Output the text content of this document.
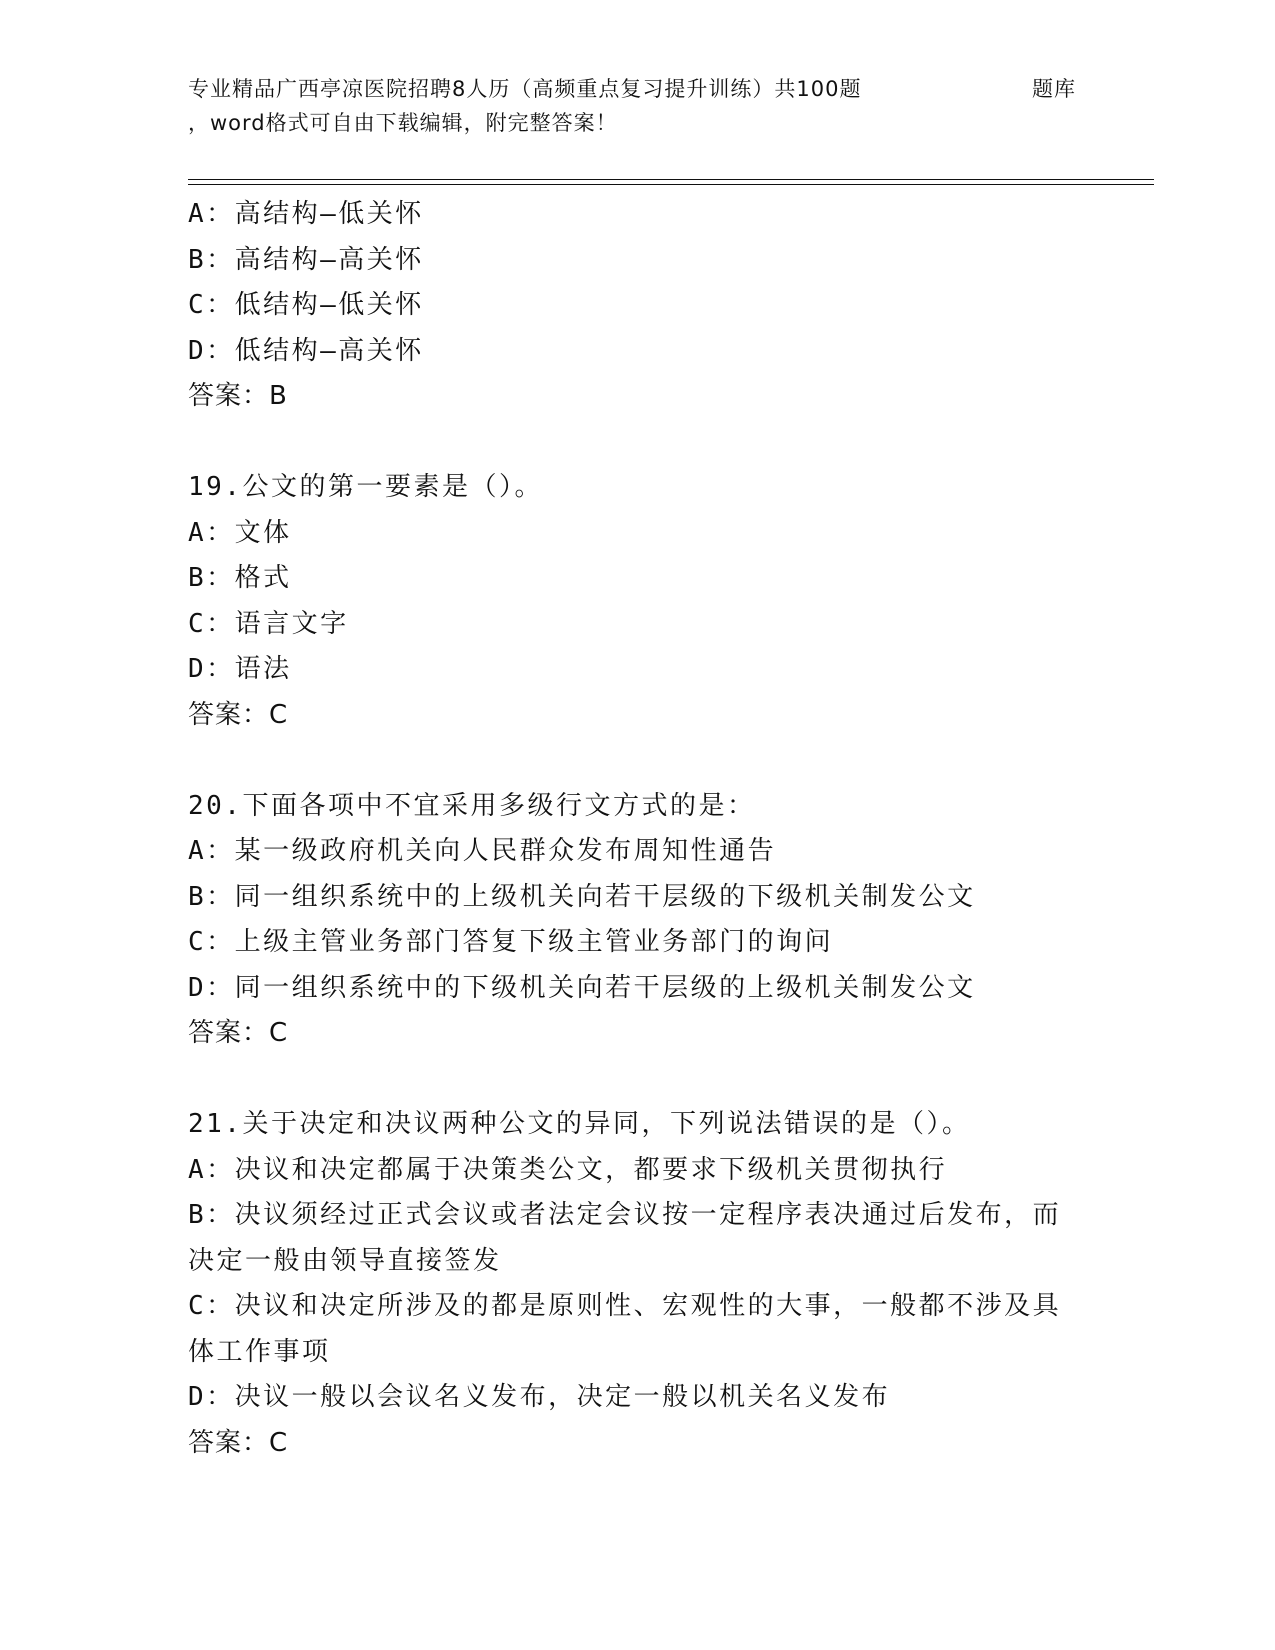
专业精品广西亭凉医院招聘8人历（高频重点复习提升训练）共100题	题库
，word格式可自由下载编辑，附完整答案！
A：高结构—低关怀
B：高结构—高关怀
C：低结构—低关怀
D：低结构—高关怀
答案：B
19.公文的第一要素是（）。
A：文体
B：格式
C：语言文字
D：语法
答案：C
20.下面各项中不宜采用多级行文方式的是：
A：某一级政府机关向人民群众发布周知性通告
B：同一组织系统中的上级机关向若干层级的下级机关制发公文
C：上级主管业务部门答复下级主管业务部门的询问
D：同一组织系统中的下级机关向若干层级的上级机关制发公文
答案：C
21.关于决定和决议两种公文的异同，下列说法错误的是（）。
A：决议和决定都属于决策类公文，都要求下级机关贯彻执行
B：决议须经过正式会议或者法定会议按一定程序表决通过后发布，而
决定一般由领导直接签发
C：决议和决定所涉及的都是原则性、宏观性的大事，一般都不涉及具
体工作事项
D：决议一般以会议名义发布，决定一般以机关名义发布
答案：C
